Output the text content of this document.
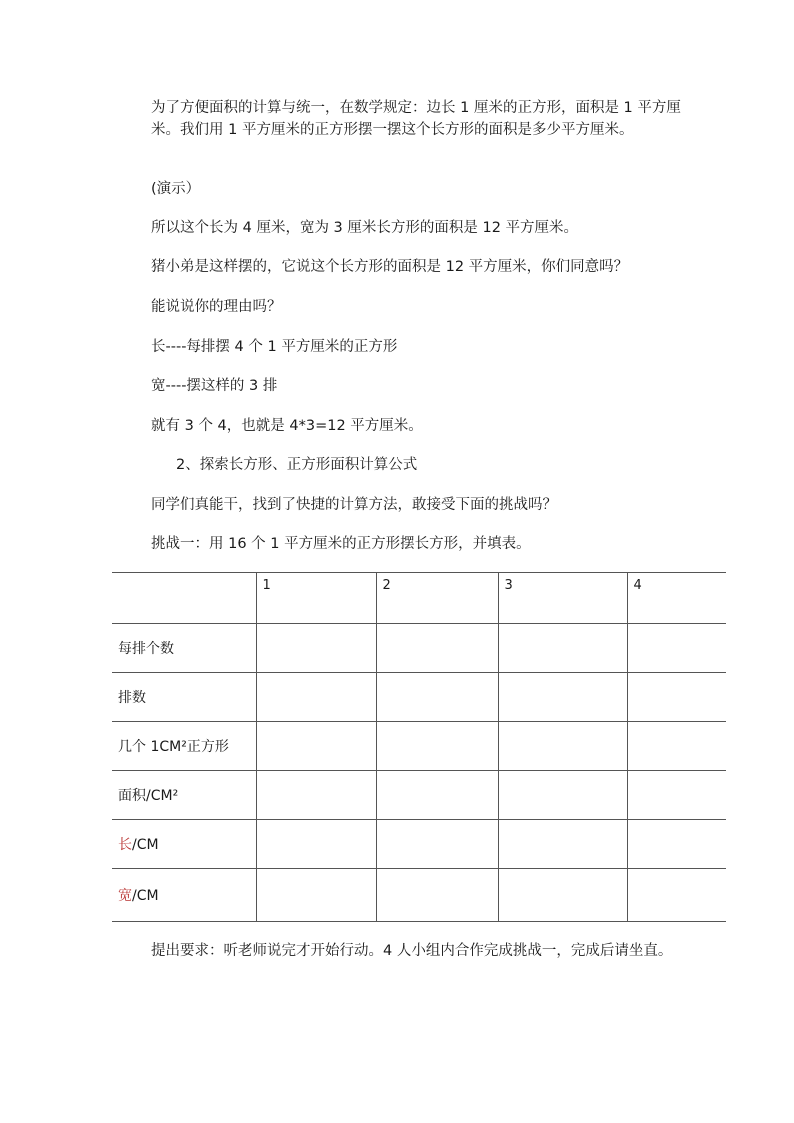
为了方便面积的计算与统一，在数学规定：边长 1 厘米的正方形，面积是 1 平方厘米。我们用 1 平方厘米的正方形摆一摆这个长方形的面积是多少平方厘米。

(演示）

所以这个长为 4 厘米，宽为 3 厘米长方形的面积是 12 平方厘米。

猪小弟是这样摆的，它说这个长方形的面积是 12 平方厘米，你们同意吗？

能说说你的理由吗？

长----每排摆 4 个 1 平方厘米的正方形

宽----摆这样的 3 排

就有 3 个 4，也就是 4*3=12 平方厘米。

2、探索长方形、正方形面积计算公式

同学们真能干，找到了快捷的计算方法，敢接受下面的挑战吗？

挑战一：用 16 个 1 平方厘米的正方形摆长方形，并填表。

	1	2	3	4
每排个数				
排数				
几个 1CM²正方形				
面积/CM²				
长/CM				
宽/CM				

提出要求：听老师说完才开始行动。4 人小组内合作完成挑战一，完成后请坐直。
